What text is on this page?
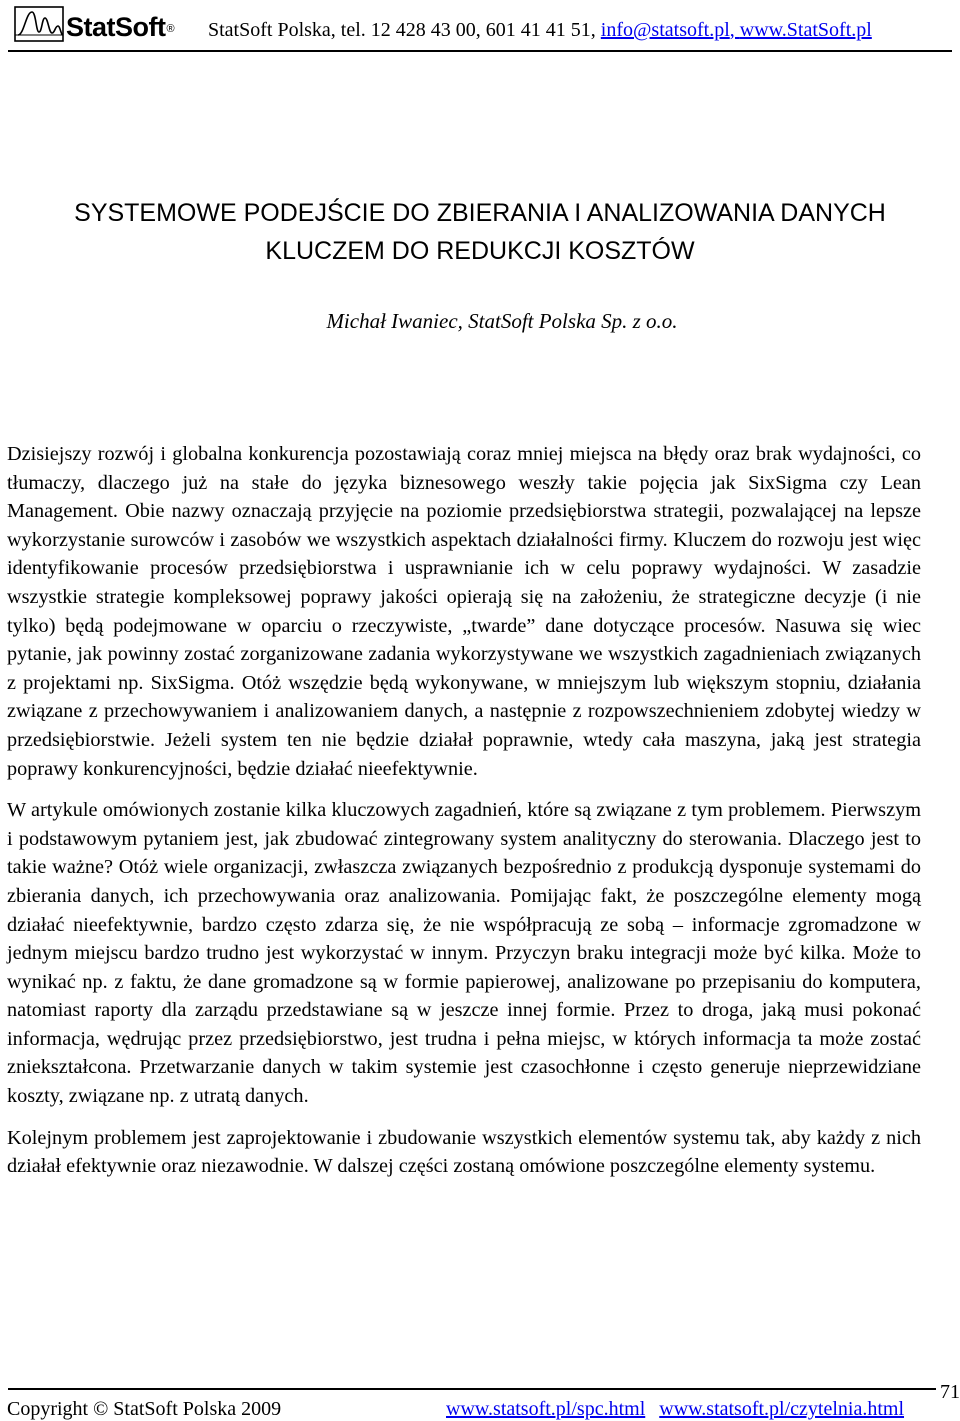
StatSoft® StatSoft Polska, tel. 12 428 43 00, 601 41 41 51, info@statsoft.pl, www.StatSoft.pl
SYSTEMOWE PODEJŚCIE DO ZBIERANIA I ANALIZOWANIA DANYCH
KLUCZEM DO REDUKCJI KOSZTÓW
Michał Iwaniec, StatSoft Polska Sp. z o.o.

Dzisiejszy rozwój i globalna konkurencja pozostawiają coraz mniej miejsca na błędy oraz brak wydajności, co tłumaczy, dlaczego już na stałe do języka biznesowego weszły takie pojęcia jak SixSigma czy Lean Management. Obie nazwy oznaczają przyjęcie na poziomie przedsiębiorstwa strategii, pozwalającej na lepsze wykorzystanie surowców i zasobów we wszystkich aspektach działalności firmy. Kluczem do rozwoju jest więc identyfikowanie procesów przedsiębiorstwa i usprawnianie ich w celu poprawy wydajności. W zasadzie wszystkie strategie kompleksowej poprawy jakości opierają się na założeniu, że strategiczne decyzje (i nie tylko) będą podejmowane w oparciu o rzeczywiste, „twarde” dane dotyczące procesów. Nasuwa się wiec pytanie, jak powinny zostać zorganizowane zadania wykorzystywane we wszystkich zagadnieniach związanych z projektami np. SixSigma. Otóż wszędzie będą wykonywane, w mniejszym lub większym stopniu, działania związane z przechowywaniem i analizowaniem danych, a następnie z rozpowszechnieniem zdobytej wiedzy w przedsiębiorstwie. Jeżeli system ten nie będzie działał poprawnie, wtedy cała maszyna, jaką jest strategia poprawy konkurencyjności, będzie działać nieefektywnie.

W artykule omówionych zostanie kilka kluczowych zagadnień, które są związane z tym problemem. Pierwszym i podstawowym pytaniem jest, jak zbudować zintegrowany system analityczny do sterowania. Dlaczego jest to takie ważne? Otóż wiele organizacji, zwłaszcza związanych bezpośrednio z produkcją dysponuje systemami do zbierania danych, ich przechowywania oraz analizowania. Pomijając fakt, że poszczególne elementy mogą działać nieefektywnie, bardzo często zdarza się, że nie współpracują ze sobą – informacje zgromadzone w jednym miejscu bardzo trudno jest wykorzystać w innym. Przyczyn braku integracji może być kilka. Może to wynikać np. z faktu, że dane gromadzone są w formie papierowej, analizowane po przepisaniu do komputera, natomiast raporty dla zarządu przedstawiane są w jeszcze innej formie. Przez to droga, jaką musi pokonać informacja, wędrując przez przedsiębiorstwo, jest trudna i pełna miejsc, w których informacja ta może zostać zniekształcona. Przetwarzanie danych w takim systemie jest czasochłonne i często generuje nieprzewidziane koszty, związane np. z utratą danych.

Kolejnym problemem jest zaprojektowanie i zbudowanie wszystkich elementów systemu tak, aby każdy z nich działał efektywnie oraz niezawodnie. W dalszej części zostaną omówione poszczególne elementy systemu.

Copyright © StatSoft Polska 2009	www.statsoft.pl/spc.html www.statsoft.pl/czytelnia.html
71
